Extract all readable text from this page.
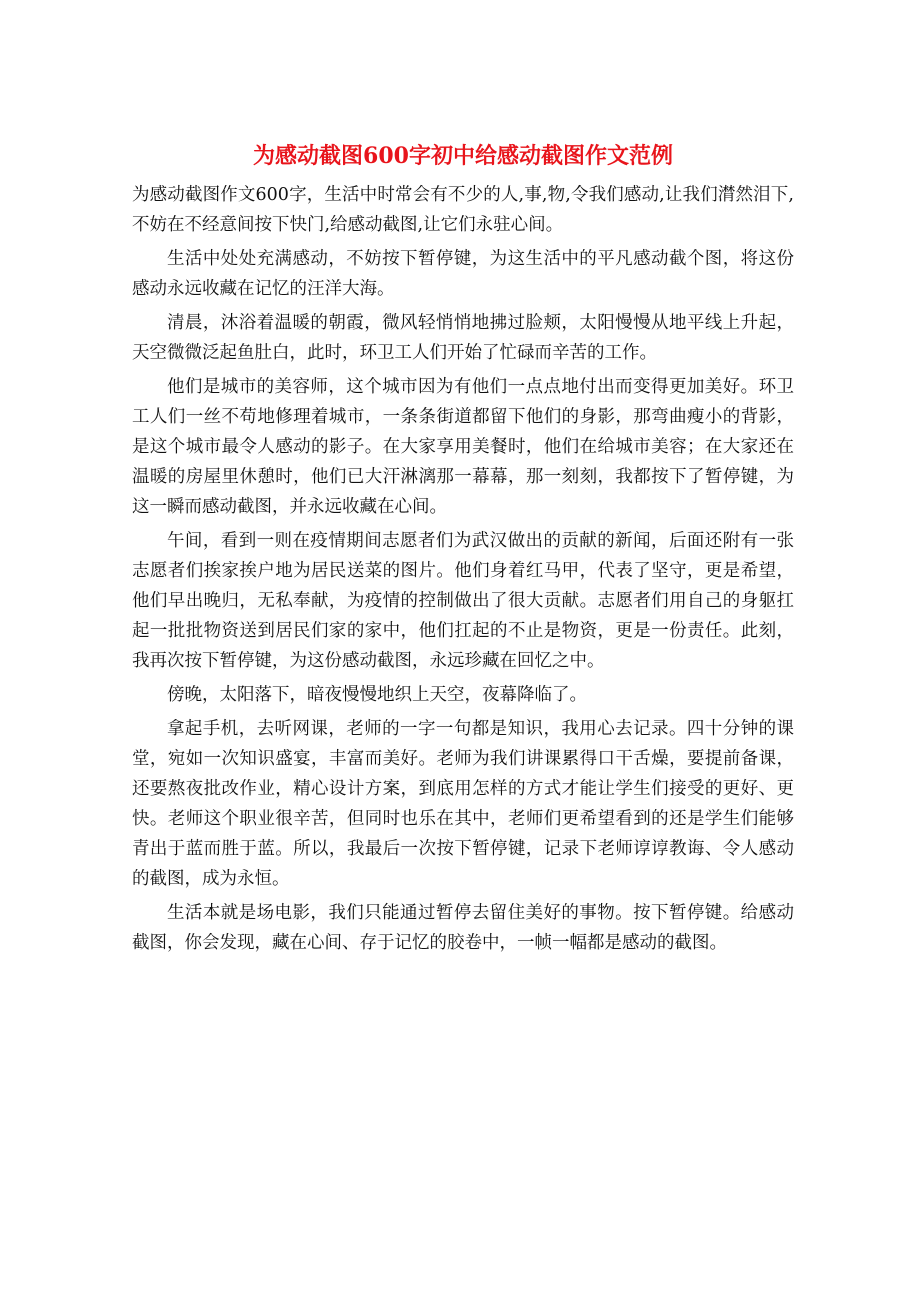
为感动截图600字初中给感动截图作文范例

为感动截图作文600字，生活中时常会有不少的人,事,物,令我们感动,让我们潸然泪下,不妨在不经意间按下快门,给感动截图,让它们永驻心间。

生活中处处充满感动，不妨按下暂停键，为这生活中的平凡感动截个图，将这份感动永远收藏在记忆的汪洋大海。

清晨，沐浴着温暖的朝霞，微风轻悄悄地拂过脸颊，太阳慢慢从地平线上升起，天空微微泛起鱼肚白，此时，环卫工人们开始了忙碌而辛苦的工作。

他们是城市的美容师，这个城市因为有他们一点点地付出而变得更加美好。环卫工人们一丝不苟地修理着城市，一条条街道都留下他们的身影，那弯曲瘦小的背影，是这个城市最令人感动的影子。在大家享用美餐时，他们在给城市美容；在大家还在温暖的房屋里休憩时，他们已大汗淋漓那一幕幕，那一刻刻，我都按下了暂停键，为这一瞬而感动截图，并永远收藏在心间。

午间，看到一则在疫情期间志愿者们为武汉做出的贡献的新闻，后面还附有一张志愿者们挨家挨户地为居民送菜的图片。他们身着红马甲，代表了坚守，更是希望，他们早出晚归，无私奉献，为疫情的控制做出了很大贡献。志愿者们用自己的身躯扛起一批批物资送到居民们家的家中，他们扛起的不止是物资，更是一份责任。此刻，我再次按下暂停键，为这份感动截图，永远珍藏在回忆之中。

傍晚，太阳落下，暗夜慢慢地织上天空，夜幕降临了。

拿起手机，去听网课，老师的一字一句都是知识，我用心去记录。四十分钟的课堂，宛如一次知识盛宴，丰富而美好。老师为我们讲课累得口干舌燥，要提前备课，还要熬夜批改作业，精心设计方案，到底用怎样的方式才能让学生们接受的更好、更快。老师这个职业很辛苦，但同时也乐在其中，老师们更希望看到的还是学生们能够青出于蓝而胜于蓝。所以，我最后一次按下暂停键，记录下老师谆谆教诲、令人感动的截图，成为永恒。

生活本就是场电影，我们只能通过暂停去留住美好的事物。按下暂停键。给感动截图，你会发现，藏在心间、存于记忆的胶卷中，一帧一幅都是感动的截图。
